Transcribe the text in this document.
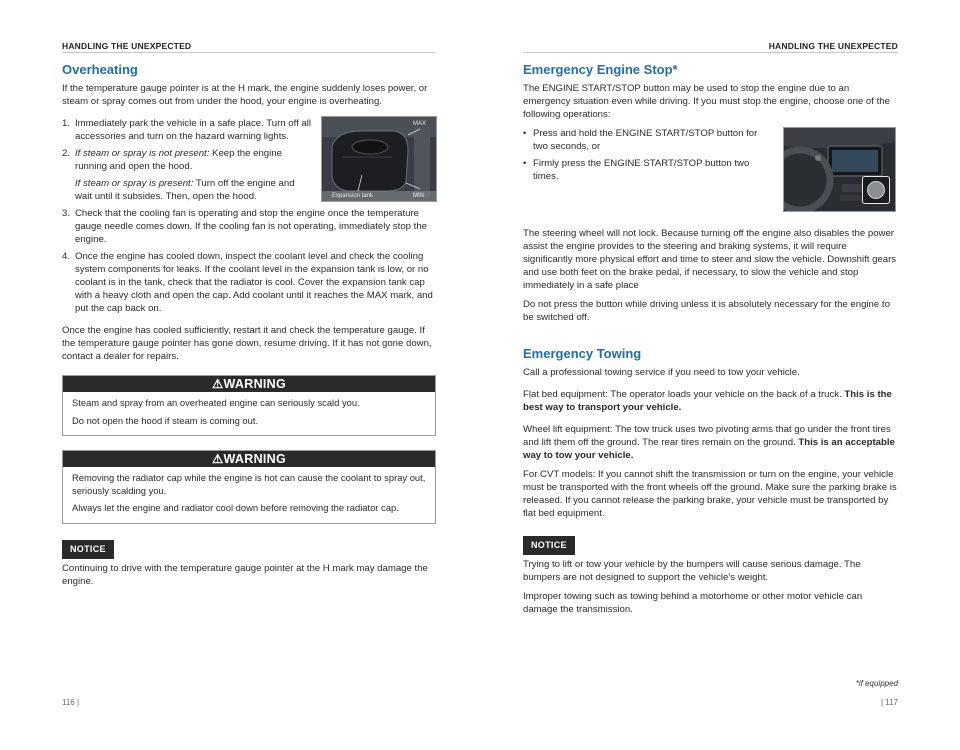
HANDLING THE UNEXPECTED
Overheating

If the temperature gauge pointer is at the H mark, the engine suddenly loses power, or steam or spray comes out from under the hood, your engine is overheating.

1. Immediately park the vehicle in a safe place. Turn off all accessories and turn on the hazard warning lights.
2. If steam or spray is not present: Keep the engine running and open the hood.
If steam or spray is present: Turn off the engine and wait until it subsides. Then, open the hood.
3. Check that the cooling fan is operating and stop the engine once the temperature gauge needle comes down. If the cooling fan is not operating, immediately stop the engine.
4. Once the engine has cooled down, inspect the coolant level and check the cooling system components for leaks. If the coolant level in the expansion tank is low, or no coolant is in the tank, check that the radiator is cool. Cover the expansion tank cap with a heavy cloth and open the cap. Add coolant until it reaches the MAX mark, and put the cap back on.

Once the engine has cooled sufficiently, restart it and check the temperature gauge. If the temperature gauge pointer has gone down, resume driving. If it has not gone down, contact a dealer for repairs.

⚠WARNING

Steam and spray from an overheated engine can seriously scald you.

Do not open the hood if steam is coming out.

⚠WARNING

Removing the radiator cap while the engine is hot can cause the coolant to spray out, seriously scalding you.

Always let the engine and radiator cool down before removing the radiator cap.

NOTICE

Continuing to drive with the temperature gauge pointer at the H mark may damage the engine.

MAX
MIN
Expansion tank
116 |
HANDLING THE UNEXPECTED
Emergency Engine Stop*

The ENGINE START/STOP button may be used to stop the engine due to an emergency situation even while driving. If you must stop the engine, choose one of the following operations:

• Press and hold the ENGINE START/STOP button for two seconds, or
• Firmly press the ENGINE START/STOP button two times.

The steering wheel will not lock. Because turning off the engine also disables the power assist the engine provides to the steering and braking systems, it will require significantly more physical effort and time to steer and slow the vehicle. Downshift gears and use both feet on the brake pedal, if necessary, to slow the vehicle and stop immediately in a safe place

Do not press the button while driving unless it is absolutely necessary for the engine to be switched off.

Emergency Towing

Call a professional towing service if you need to tow your vehicle.

Flat bed equipment: The operator loads your vehicle on the back of a truck. This is the best way to transport your vehicle.

Wheel lift equipment: The tow truck uses two pivoting arms that go under the front tires and lift them off the ground. The rear tires remain on the ground. This is an acceptable way to tow your vehicle.

For CVT models: If you cannot shift the transmission or turn on the engine, your vehicle must be transported with the front wheels off the ground. Make sure the parking brake is released. If you cannot release the parking brake, your vehicle must be transported by flat bed equipment.

NOTICE

Trying to lift or tow your vehicle by the bumpers will cause serious damage. The bumpers are not designed to support the vehicle’s weight.

Improper towing such as towing behind a motorhome or other motor vehicle can damage the transmission.

*if equipped
| 117
